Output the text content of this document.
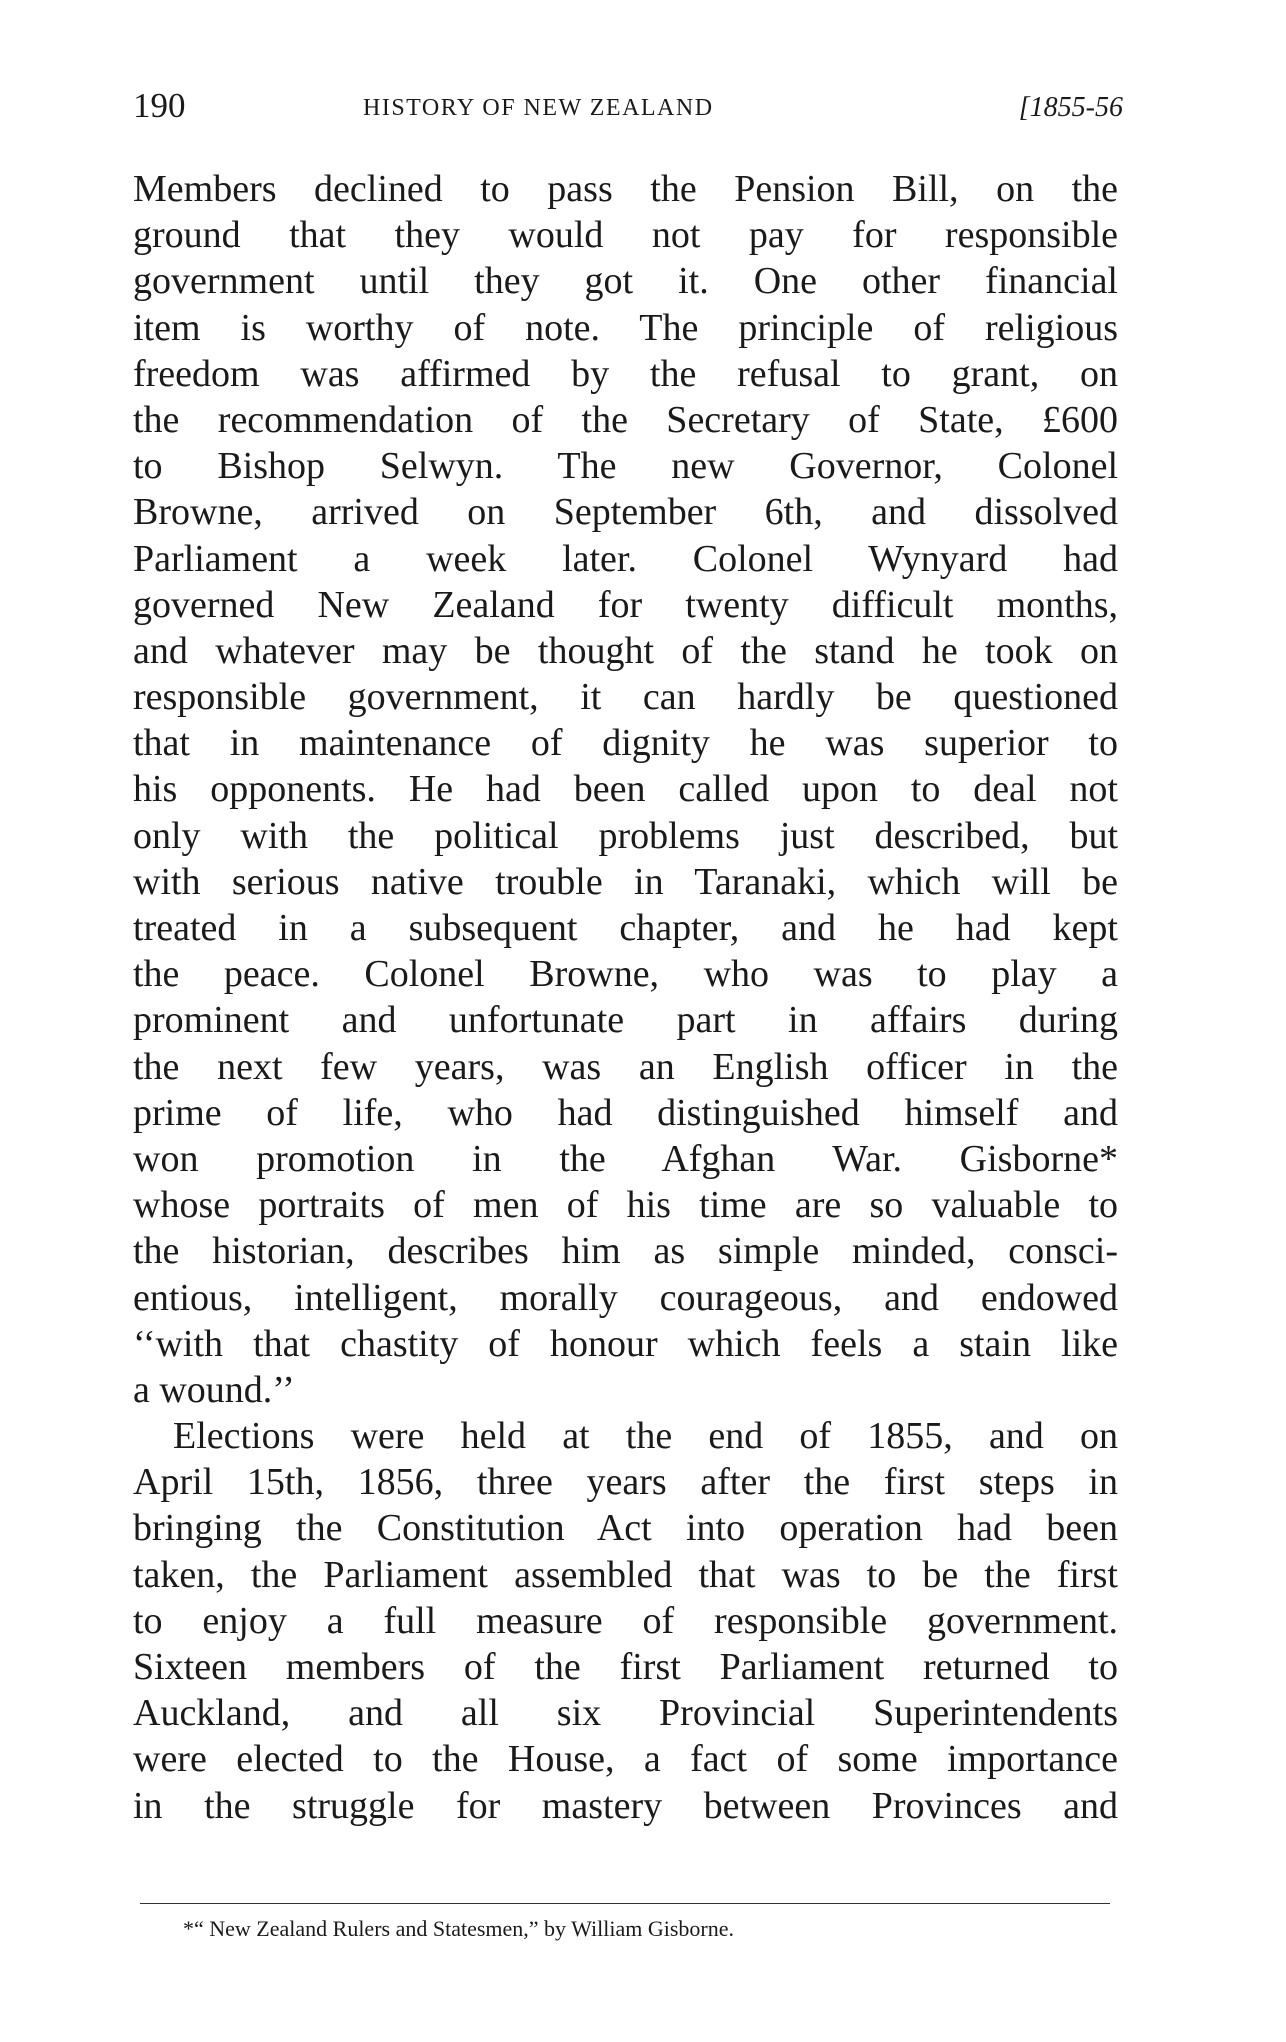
190	HISTORY OF NEW ZEALAND	[1855-56
Members declined to pass the Pension Bill, on the
ground that they would not pay for responsible
government until they got it. One other financial
item is worthy of note. The principle of religious
freedom was affirmed by the refusal to grant, on
the recommendation of the Secretary of State, £600
to Bishop Selwyn. The new Governor, Colonel
Browne, arrived on September 6th, and dissolved
Parliament a week later. Colonel Wynyard had
governed New Zealand for twenty difficult months,
and whatever may be thought of the stand he took on
responsible government, it can hardly be questioned
that in maintenance of dignity he was superior to
his opponents. He had been called upon to deal not
only with the political problems just described, but
with serious native trouble in Taranaki, which will be
treated in a subsequent chapter, and he had kept
the peace. Colonel Browne, who was to play a
prominent and unfortunate part in affairs during
the next few years, was an English officer in the
prime of life, who had distinguished himself and
won promotion in the Afghan War. Gisborne*
whose portraits of men of his time are so valuable to
the historian, describes him as simple minded, consci-
entious, intelligent, morally courageous, and endowed
‘‘with that chastity of honour which feels a stain like
a wound.’’
Elections were held at the end of 1855, and on
April 15th, 1856, three years after the first steps in
bringing the Constitution Act into operation had been
taken, the Parliament assembled that was to be the first
to enjoy a full measure of responsible government.
Sixteen members of the first Parliament returned to
Auckland, and all six Provincial Superintendents
were elected to the House, a fact of some importance
in the struggle for mastery between Provinces and
*“ New Zealand Rulers and Statesmen,” by William Gisborne.
